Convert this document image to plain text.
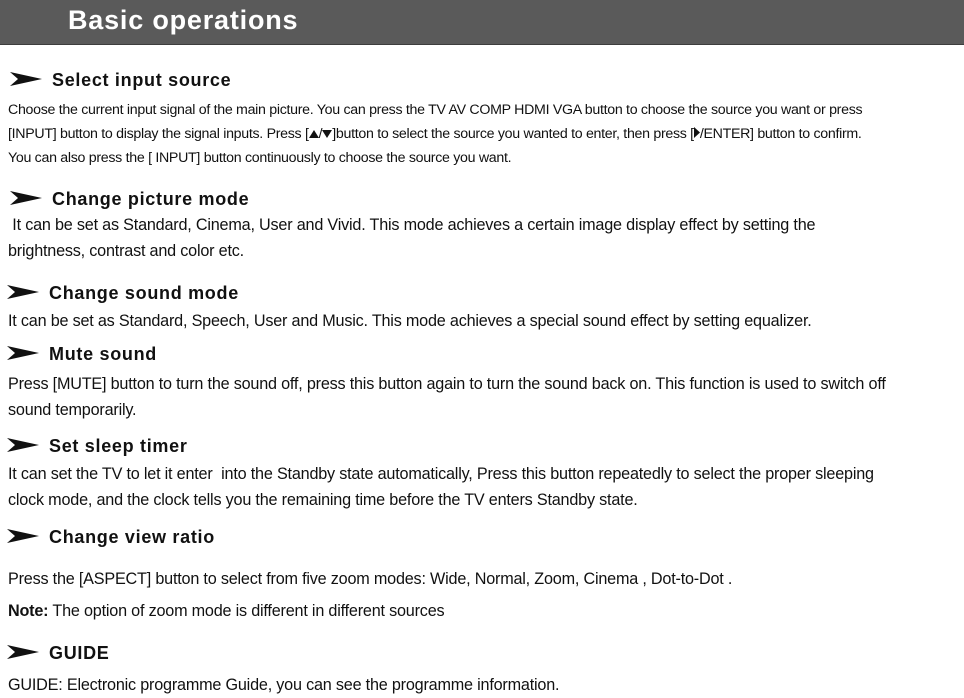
Basic operations
Select input source
Choose the current input signal of the main picture. You can press the TV AV COMP HDMI VGA button to choose the source you want or press
[INPUT] button to display the signal inputs. Press [ / ]button to select the source you wanted to enter, then press [ /ENTER] button to confirm.
You can also press the [ INPUT] button continuously to choose the source you want.
Change picture mode
It can be set as Standard, Cinema, User and Vivid. This mode achieves a certain image display effect by setting the
brightness, contrast and color etc.
Change sound mode
It can be set as Standard, Speech, User and Music. This mode achieves a special sound effect by setting equalizer.
Mute sound
Press [MUTE] button to turn the sound off, press this button again to turn the sound back on. This function is used to switch off
sound temporarily.
Set sleep timer
It can set the TV to let it enter  into the Standby state automatically, Press this button repeatedly to select the proper sleeping
clock mode, and the clock tells you the remaining time before the TV enters Standby state.
Change view ratio
Press the [ASPECT] button to select from five zoom modes: Wide, Normal, Zoom, Cinema , Dot-to-Dot .
Note: The option of zoom mode is different in different sources
GUIDE
GUIDE: Electronic programme Guide, you can see the programme information.
